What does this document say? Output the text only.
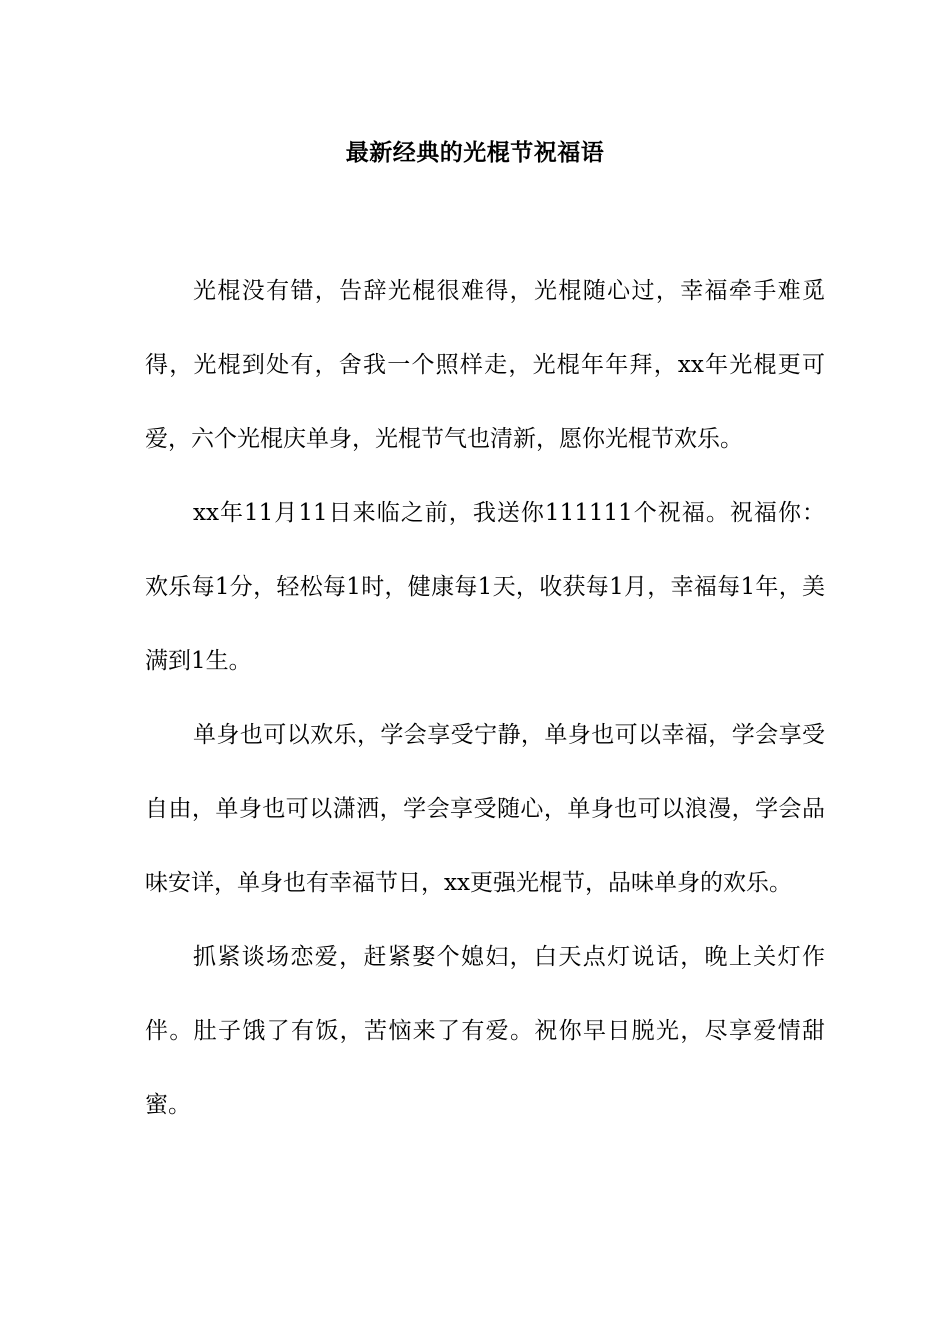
最新经典的光棍节祝福语

光棍没有错，告辞光棍很难得，光棍随心过，幸福牵手难觅得，光棍到处有，舍我一个照样走，光棍年年拜，xx年光棍更可爱，六个光棍庆单身，光棍节气也清新，愿你光棍节欢乐。

xx年11月11日来临之前，我送你111111个祝福。祝福你：欢乐每1分，轻松每1时，健康每1天，收获每1月，幸福每1年，美满到1生。

单身也可以欢乐，学会享受宁静，单身也可以幸福，学会享受自由，单身也可以潇洒，学会享受随心，单身也可以浪漫，学会品味安详，单身也有幸福节日，xx更强光棍节，品味单身的欢乐。

抓紧谈场恋爱，赶紧娶个媳妇，白天点灯说话，晚上关灯作伴。肚子饿了有饭，苦恼来了有爱。祝你早日脱光，尽享爱情甜蜜。
